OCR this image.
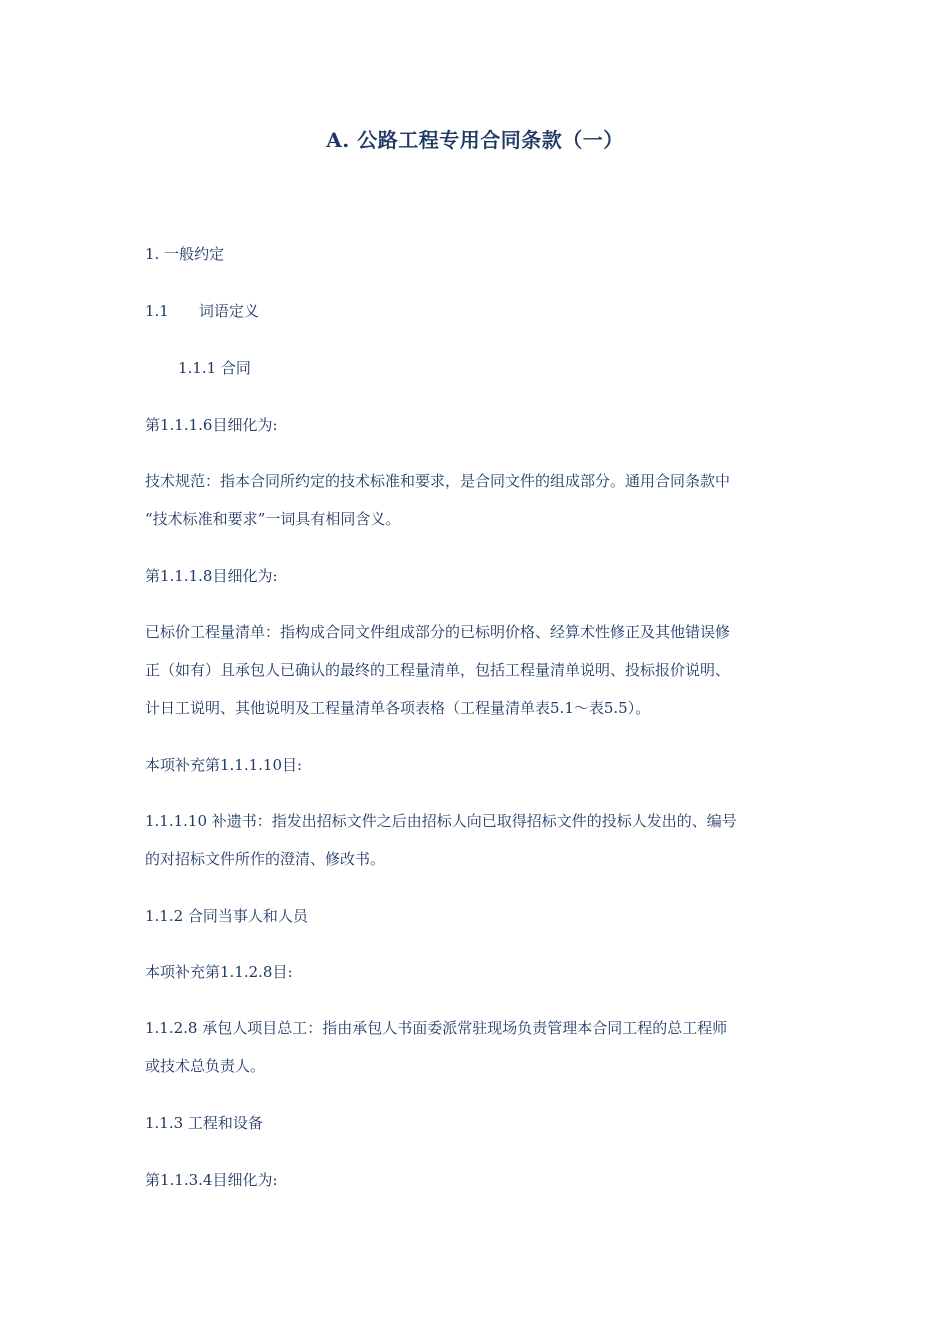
A. 公路工程专用合同条款（一）
1. 一般约定
1.1 词语定义
1.1.1 合同
第1.1.1.6目细化为:
技术规范：指本合同所约定的技术标准和要求，是合同文件的组成部分。通用合同条款中
“技术标准和要求”一词具有相同含义。
第1.1.1.8目细化为:
已标价工程量清单：指构成合同文件组成部分的已标明价格、经算术性修正及其他错误修
正（如有）且承包人已确认的最终的工程量清单，包括工程量清单说明、投标报价说明、
计日工说明、其他说明及工程量清单各项表格（工程量清单表5.1～表5.5）。
本项补充第1.1.1.10目:
1.1.1.10 补遗书：指发出招标文件之后由招标人向已取得招标文件的投标人发出的、编号
的对招标文件所作的澄清、修改书。
1.1.2 合同当事人和人员
本项补充第1.1.2.8目:
1.1.2.8 承包人项目总工：指由承包人书面委派常驻现场负责管理本合同工程的总工程师
或技术总负责人。
1.1.3 工程和设备
第1.1.3.4目细化为:
